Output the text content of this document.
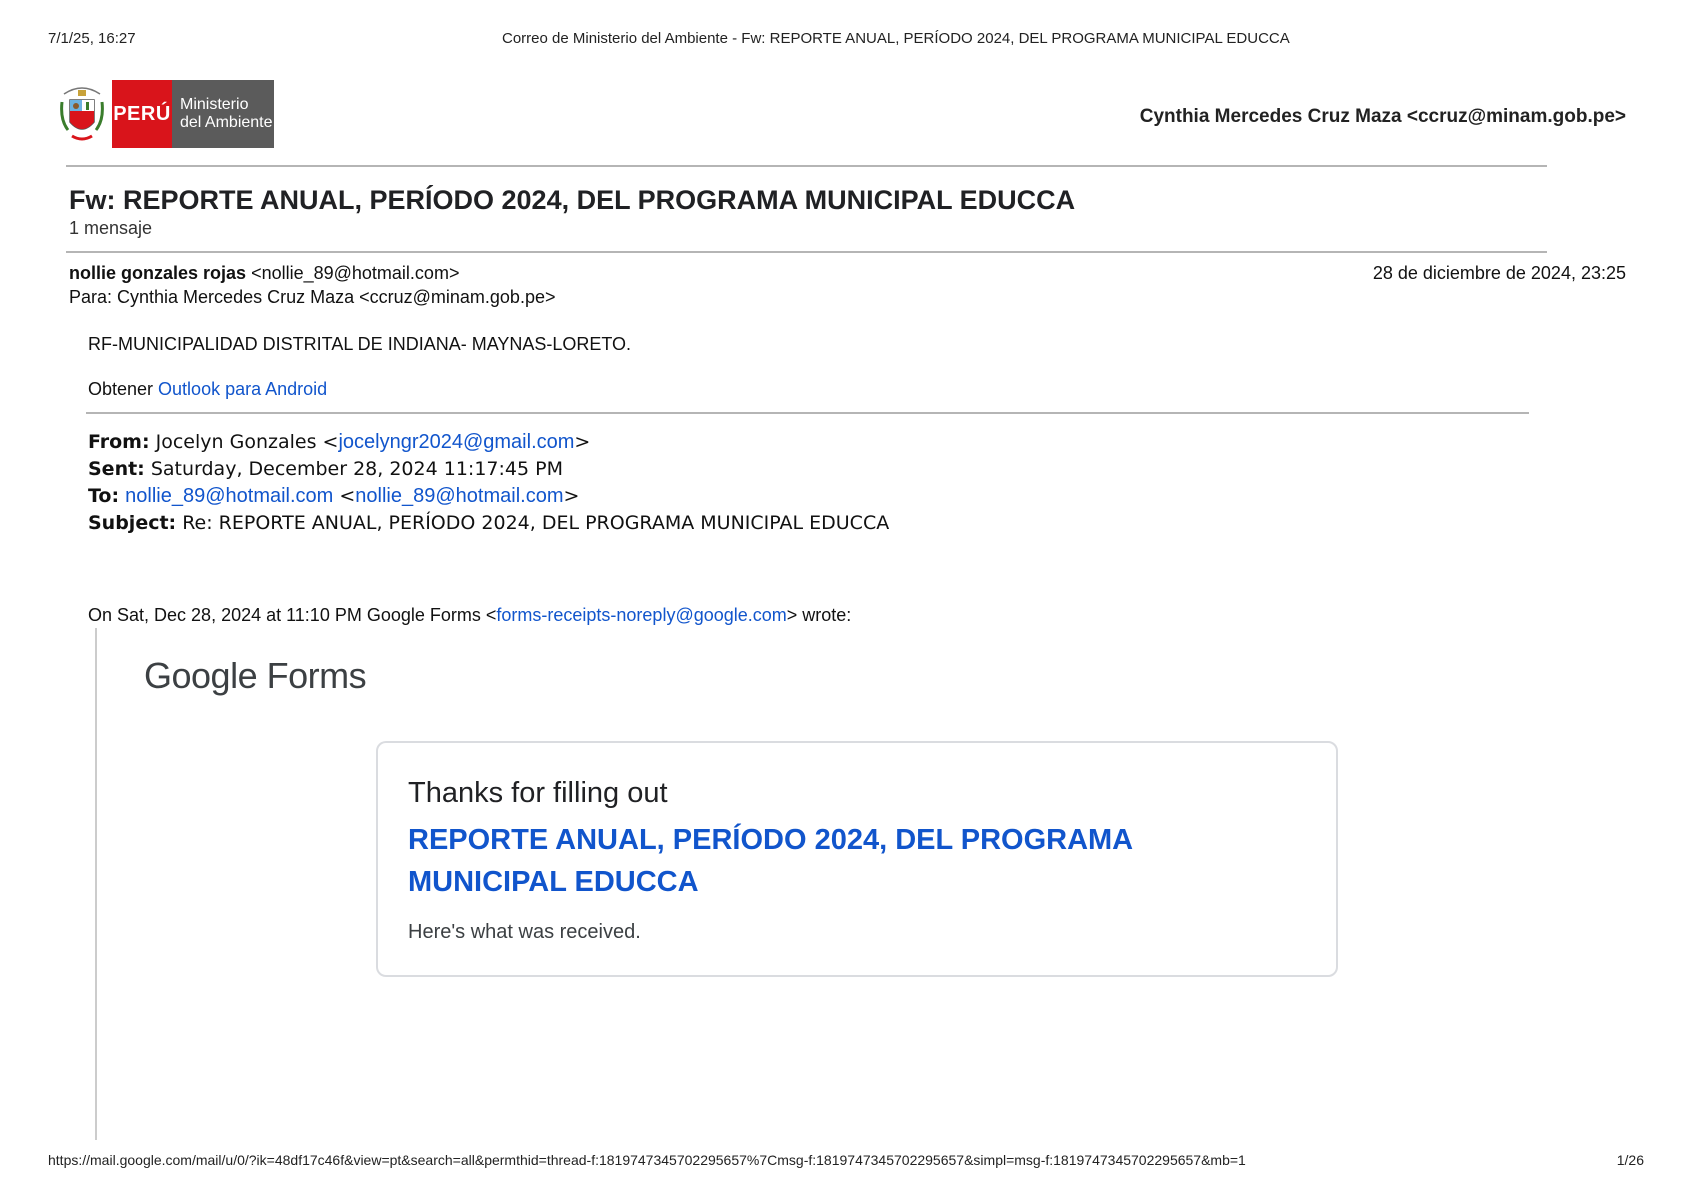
7/1/25, 16:27	Correo de Ministerio del Ambiente - Fw: REPORTE ANUAL, PERÍODO 2024, DEL PROGRAMA MUNICIPAL EDUCCA
PERÚ Ministerio
del Ambiente	Cynthia Mercedes Cruz Maza <ccruz@minam.gob.pe>
Fw: REPORTE ANUAL, PERÍODO 2024, DEL PROGRAMA MUNICIPAL EDUCCA
1 mensaje
nollie gonzales rojas <nollie_89@hotmail.com>	28 de diciembre de 2024, 23:25
Para: Cynthia Mercedes Cruz Maza <ccruz@minam.gob.pe>
RF-MUNICIPALIDAD DISTRITAL DE INDIANA- MAYNAS-LORETO.
Obtener Outlook para Android
From: Jocelyn Gonzales <jocelyngr2024@gmail.com>
Sent: Saturday, December 28, 2024 11:17:45 PM
To: nollie_89@hotmail.com <nollie_89@hotmail.com>
Subject: Re: REPORTE ANUAL, PERÍODO 2024, DEL PROGRAMA MUNICIPAL EDUCCA
On Sat, Dec 28, 2024 at 11:10 PM Google Forms <forms-receipts-noreply@google.com> wrote:
Google Forms
Thanks for filling out
REPORTE ANUAL, PERÍODO 2024, DEL PROGRAMA MUNICIPAL EDUCCA
Here's what was received.
https://mail.google.com/mail/u/0/?ik=48df17c46f&view=pt&search=all&permthid=thread-f:1819747345702295657%7Cmsg-f:1819747345702295657&simpl=msg-f:1819747345702295657&mb=1	1/26
